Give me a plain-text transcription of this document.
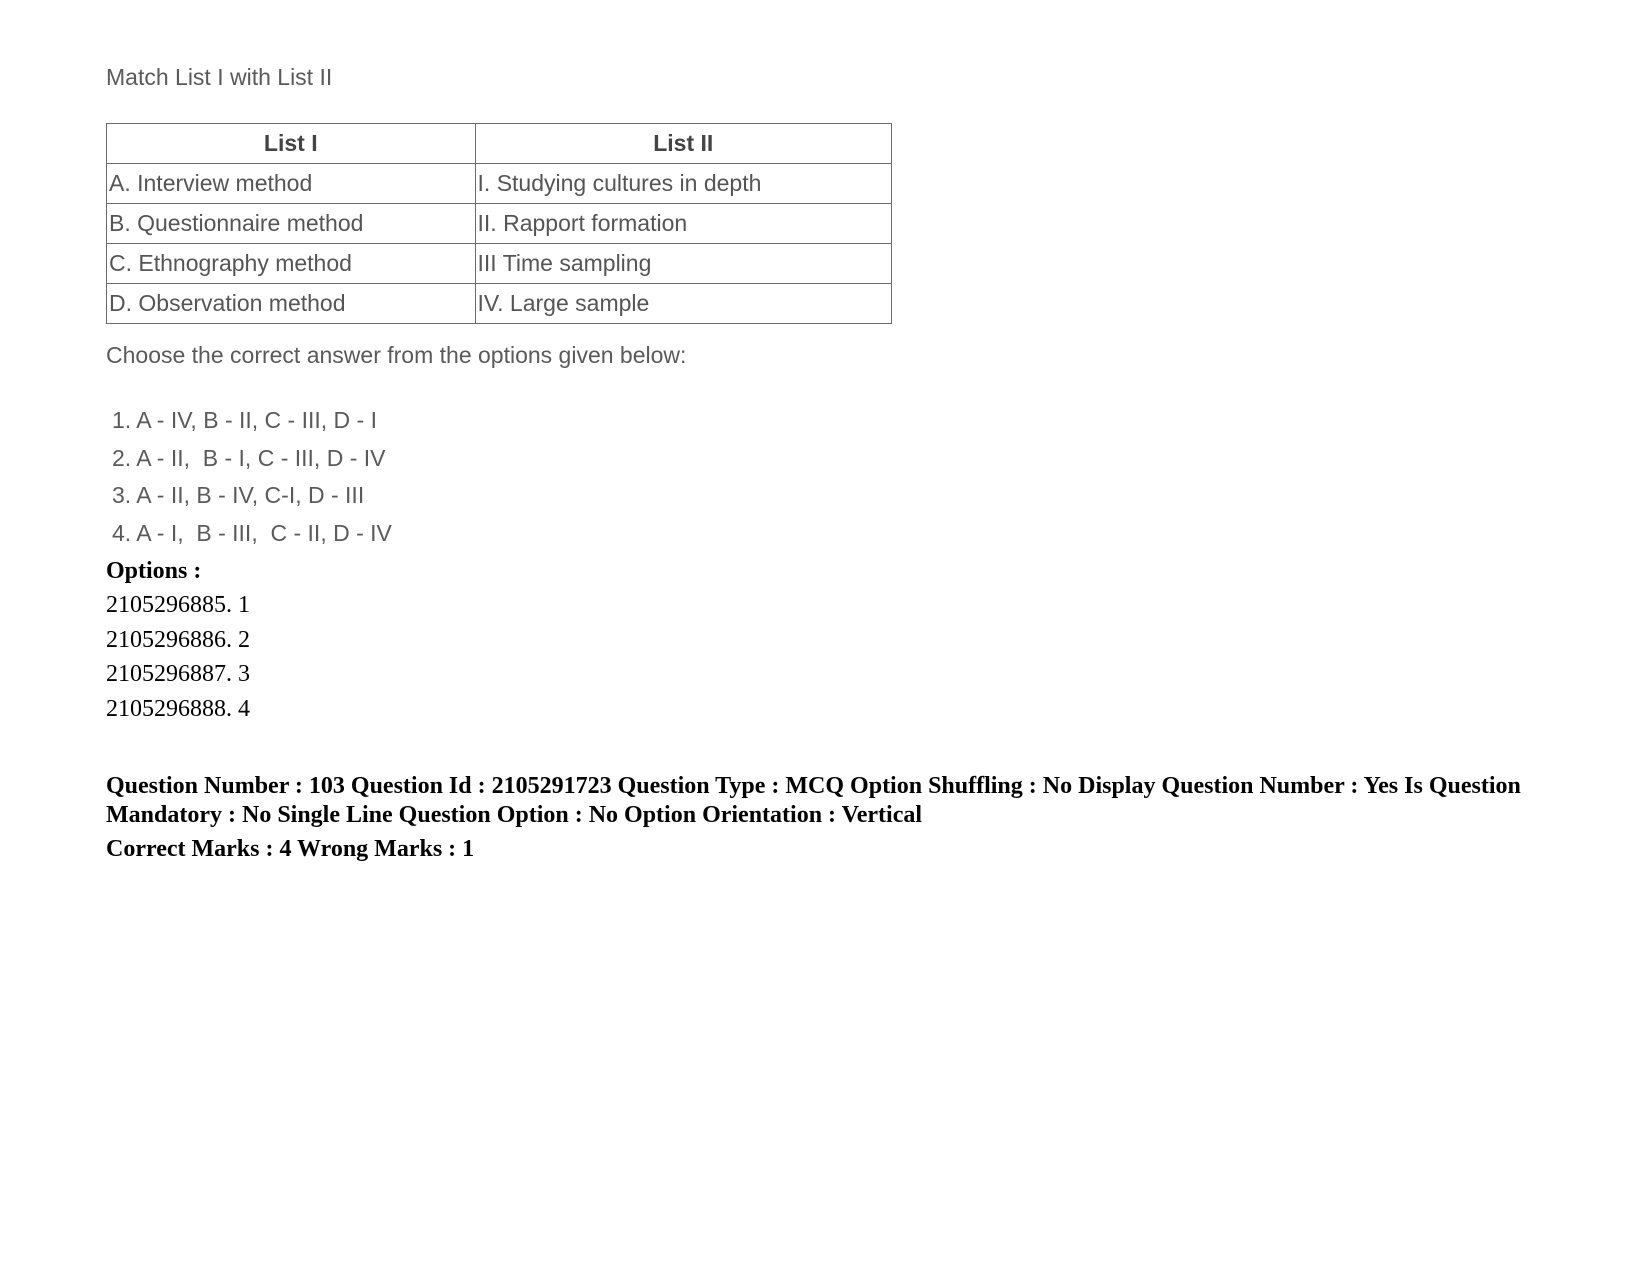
Match List I with List II
List I	List II
A. Interview method	I. Studying cultures in depth
B. Questionnaire method	II. Rapport formation
C. Ethnography method	III Time sampling
D. Observation method	IV. Large sample
Choose the correct answer from the options given below:
1. A - IV, B - II, C - III, D - I
2. A - II,  B - I, C - III, D - IV
3. A - II, B - IV, C-I, D - III
4. A - I,  B - III,  C - II, D - IV
Options :
2105296885. 1
2105296886. 2
2105296887. 3
2105296888. 4
Question Number : 103 Question Id : 2105291723 Question Type : MCQ Option Shuffling : No Display Question Number : Yes Is Question Mandatory : No Single Line Question Option : No Option Orientation : Vertical
Correct Marks : 4 Wrong Marks : 1
